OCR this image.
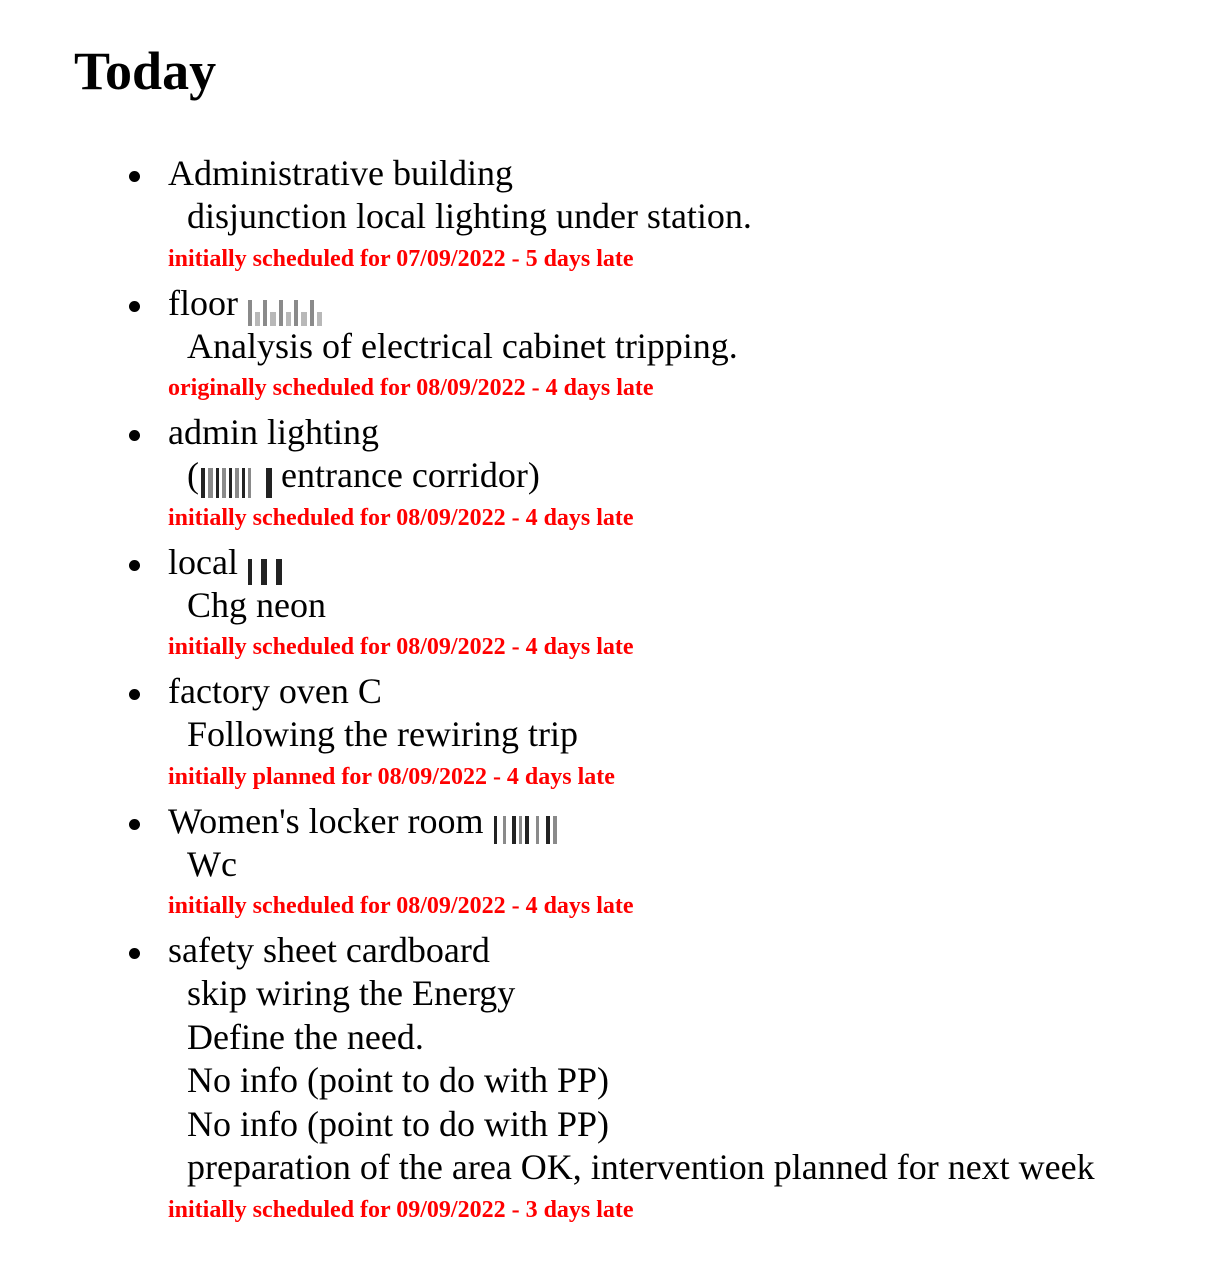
Today
Administrative building
disjunction local lighting under station.
initially scheduled for 07/09/2022 - 5 days late
floor
Analysis of electrical cabinet tripping.
originally scheduled for 08/09/2022 - 4 days late
admin lighting
( entrance corridor)
initially scheduled for 08/09/2022 - 4 days late
local
Chg neon
initially scheduled for 08/09/2022 - 4 days late
factory oven C
Following the rewiring trip
initially planned for 08/09/2022 - 4 days late
Women's locker room
Wc
initially scheduled for 08/09/2022 - 4 days late
safety sheet cardboard
skip wiring the Energy
Define the need.
No info (point to do with PP)
No info (point to do with PP)
preparation of the area OK, intervention planned for next week
initially scheduled for 09/09/2022 - 3 days late
